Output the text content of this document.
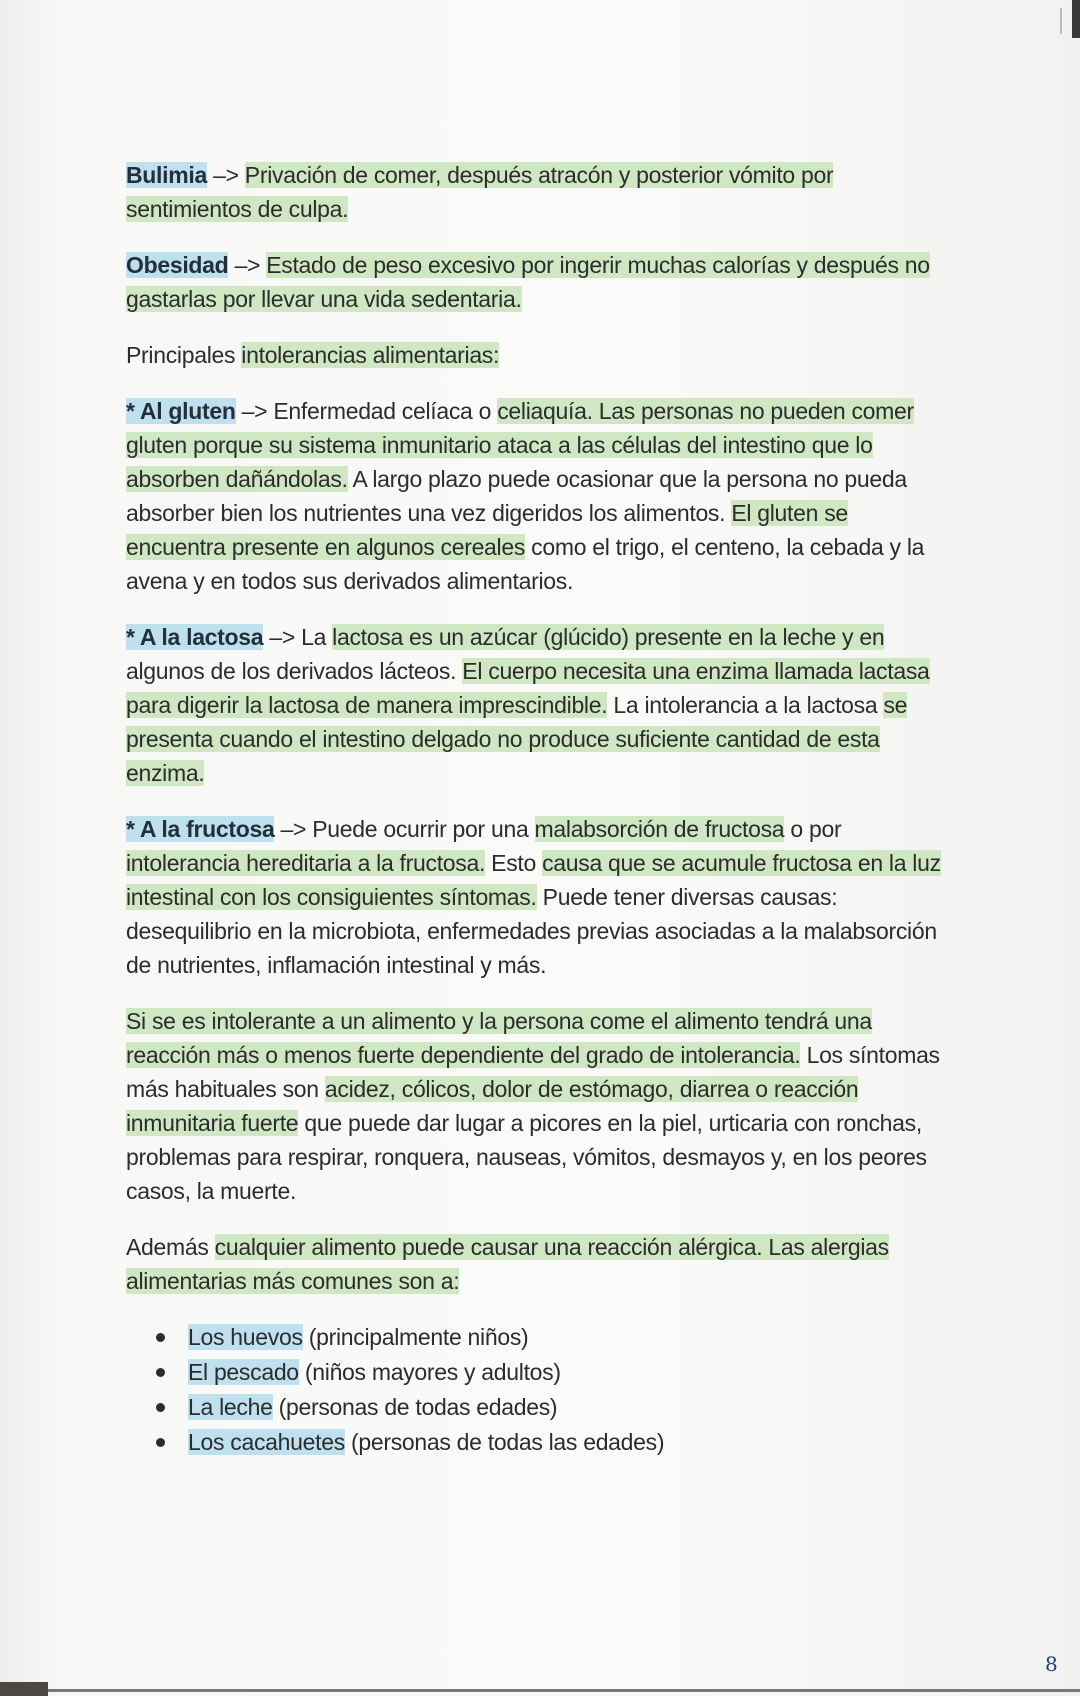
Bulimia –> Privación de comer, después atracón y posterior vómito por sentimientos de culpa.

Obesidad –> Estado de peso excesivo por ingerir muchas calorías y después no gastarlas por llevar una vida sedentaria.

Principales intolerancias alimentarias:

* Al gluten –> Enfermedad celíaca o celiaquía. Las personas no pueden comer gluten porque su sistema inmunitario ataca a las células del intestino que lo absorben dañándolas. A largo plazo puede ocasionar que la persona no pueda absorber bien los nutrientes una vez digeridos los alimentos. El gluten se encuentra presente en algunos cereales como el trigo, el centeno, la cebada y la avena y en todos sus derivados alimentarios.

* A la lactosa –> La lactosa es un azúcar (glúcido) presente en la leche y en algunos de los derivados lácteos. El cuerpo necesita una enzima llamada lactasa para digerir la lactosa de manera imprescindible. La intolerancia a la lactosa se presenta cuando el intestino delgado no produce suficiente cantidad de esta enzima.

* A la fructosa –> Puede ocurrir por una malabsorción de fructosa o por intolerancia hereditaria a la fructosa. Esto causa que se acumule fructosa en la luz intestinal con los consiguientes síntomas. Puede tener diversas causas: desequilibrio en la microbiota, enfermedades previas asociadas a la malabsorción de nutrientes, inflamación intestinal y más.

Si se es intolerante a un alimento y la persona come el alimento tendrá una reacción más o menos fuerte dependiente del grado de intolerancia. Los síntomas más habituales son acidez, cólicos, dolor de estómago, diarrea o reacción inmunitaria fuerte que puede dar lugar a picores en la piel, urticaria con ronchas, problemas para respirar, ronquera, nauseas, vómitos, desmayos y, en los peores casos, la muerte.

Además cualquier alimento puede causar una reacción alérgica. Las alergias alimentarias más comunes son a:

Los huevos (principalmente niños)
El pescado (niños mayores y adultos)
La leche (personas de todas edades)
Los cacahuetes (personas de todas las edades)
8
